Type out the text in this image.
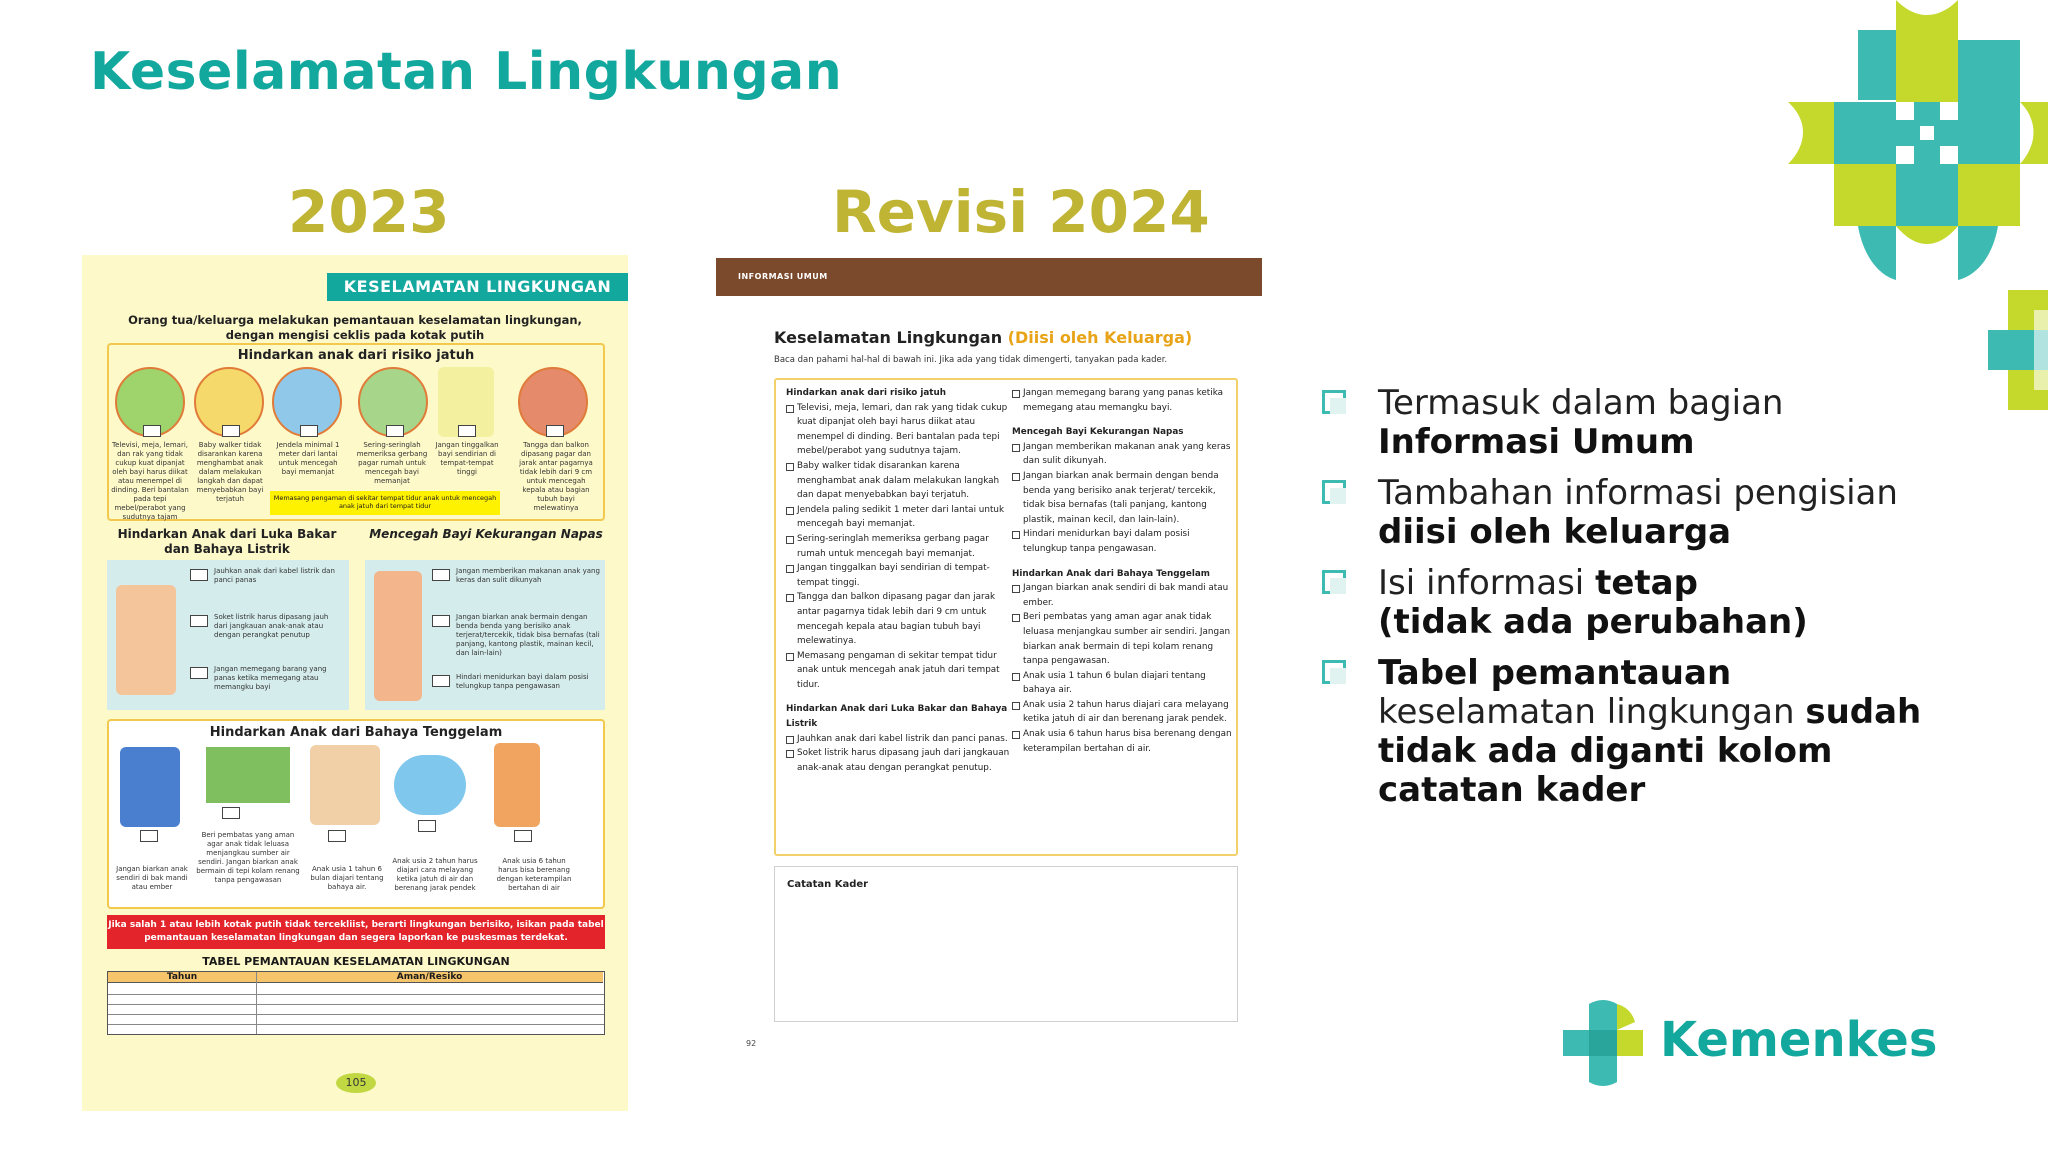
Keselamatan Lingkungan
2023	Revisi 2024
KESELAMATAN LINGKUNGAN
Orang tua/keluarga melakukan pemantauan keselamatan lingkungan, dengan mengisi ceklis pada kotak putih
Hindarkan anak dari risiko jatuh
Televisi, meja, lemari, dan rak yang tidak cukup kuat dipanjat oleh bayi harus diikat atau menempel di dinding. Beri bantalan pada tepi mebel/perabot yang sudutnya tajam
Baby walker tidak disarankan karena menghambat anak dalam melakukan langkah dan dapat menyebabkan bayi terjatuh
Jendela minimal 1 meter dari lantai untuk mencegah bayi memanjat
Sering-seringlah memeriksa gerbang pagar rumah untuk mencegah bayi memanjat
Jangan tinggalkan bayi sendirian di tempat-tempat tinggi
Tangga dan balkon dipasang pagar dan jarak antar pagarnya tidak lebih dari 9 cm untuk mencegah kepala atau bagian tubuh bayi melewatinya
Memasang pengaman di sekitar tempat tidur anak untuk mencegah anak jatuh dari tempat tidur
Hindarkan Anak dari Luka Bakar dan Bahaya Listrik
Jauhkan anak dari kabel listrik dan panci panas
Soket listrik harus dipasang jauh dari jangkauan anak-anak atau dengan perangkat penutup
Jangan memegang barang yang panas ketika memegang atau memangku bayi
Mencegah Bayi Kekurangan Napas
Jangan memberikan makanan anak yang keras dan sulit dikunyah
Jangan biarkan anak bermain dengan benda benda yang berisiko anak terjerat/tercekik, tidak bisa bernafas (tali panjang, kantong plastik, mainan kecil, dan lain-lain)
Hindari menidurkan bayi dalam posisi telungkup tanpa pengawasan
Hindarkan Anak dari Bahaya Tenggelam
Jangan biarkan anak sendiri di bak mandi atau ember
Beri pembatas yang aman agar anak tidak leluasa menjangkau sumber air sendiri. Jangan biarkan anak bermain di tepi kolam renang tanpa pengawasan
Anak usia 1 tahun 6 bulan diajari tentang bahaya air.
Anak usia 2 tahun harus diajari cara melayang ketika jatuh di air dan berenang jarak pendek
Anak usia 6 tahun harus bisa berenang dengan keterampilan bertahan di air
Jika salah 1 atau lebih kotak putih tidak tercekliist, berarti lingkungan berisiko, isikan pada tabel pemantauan keselamatan lingkungan dan segera laporkan ke puskesmas terdekat.
TABEL PEMANTAUAN KESELAMATAN LINGKUNGAN
Tahun	Aman/Resiko
105
INFORMASI UMUM
Keselamatan Lingkungan (Diisi oleh Keluarga)
Baca dan pahami hal-hal di bawah ini. Jika ada yang tidak dimengerti, tanyakan pada kader.
Hindarkan anak dari risiko jatuh
Televisi, meja, lemari, dan rak yang tidak cukup kuat dipanjat oleh bayi harus diikat atau menempel di dinding. Beri bantalan pada tepi mebel/perabot yang sudutnya tajam.
Baby walker tidak disarankan karena menghambat anak dalam melakukan langkah dan dapat menyebabkan bayi terjatuh.
Jendela paling sedikit 1 meter dari lantai untuk mencegah bayi memanjat.
Sering-seringlah memeriksa gerbang pagar rumah untuk mencegah bayi memanjat.
Jangan tinggalkan bayi sendirian di tempat-tempat tinggi.
Tangga dan balkon dipasang pagar dan jarak antar pagarnya tidak lebih dari 9 cm untuk mencegah kepala atau bagian tubuh bayi melewatinya.
Memasang pengaman di sekitar tempat tidur anak untuk mencegah anak jatuh dari tempat tidur.
Hindarkan Anak dari Luka Bakar dan Bahaya Listrik
Jauhkan anak dari kabel listrik dan panci panas.
Soket listrik harus dipasang jauh dari jangkauan anak-anak atau dengan perangkat penutup.
Jangan memegang barang yang panas ketika memegang atau memangku bayi.
Mencegah Bayi Kekurangan Napas
Jangan memberikan makanan anak yang keras dan sulit dikunyah.
Jangan biarkan anak bermain dengan benda benda yang berisiko anak terjerat/ tercekik, tidak bisa bernafas (tali panjang, kantong plastik, mainan kecil, dan lain-lain).
Hindari menidurkan bayi dalam posisi telungkup tanpa pengawasan.
Hindarkan Anak dari Bahaya Tenggelam
Jangan biarkan anak sendiri di bak mandi atau ember.
Beri pembatas yang aman agar anak tidak leluasa menjangkau sumber air sendiri. Jangan biarkan anak bermain di tepi kolam renang tanpa pengawasan.
Anak usia 1 tahun 6 bulan diajari tentang bahaya air.
Anak usia 2 tahun harus diajari cara melayang ketika jatuh di air dan berenang jarak pendek.
Anak usia 6 tahun harus bisa berenang dengan keterampilan bertahan di air.
Catatan Kader
92
Termasuk dalam bagian
Informasi Umum
Tambahan informasi pengisian
diisi oleh keluarga
Isi informasi tetap
(tidak ada perubahan)
Tabel pemantauan
keselamatan lingkungan sudah
tidak ada diganti kolom
catatan kader
Kemenkes
